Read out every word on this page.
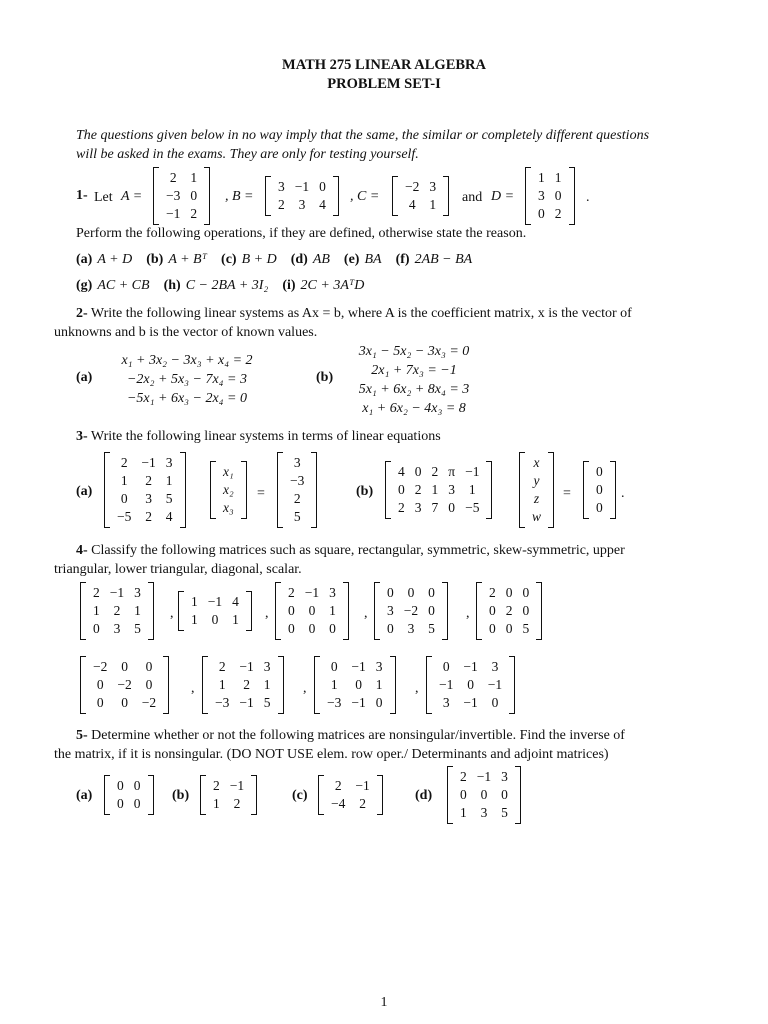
MATH 275 LINEAR ALGEBRA
PROBLEM SET-I
The questions given below in no way imply that the same, the similar or completely different questions
will be asked in the exams. They are only for testing yourself.
1- Let A =
2	1
−3	0
−1	2
, B =
3	−1	0
2	3	4
, C =
−2	3
4	1 and D =
1	1
3	0
0	2
.
Perform the following operations, if they are defined, otherwise state the reason.
(a) A + D (b) A + Bᵀ (c) B + D (d) AB (e) BA (f) 2AB − BA
(g) AC + CB (h) C − 2BA + 3I₂ (i) 2C + 3AᵀD
2- Write the following linear systems as Ax = b, where A is the coefficient matrix, x is the vector of
unknowns and b is the vector of known values.
(a)
x₁ + 3x₂ − 3x₃ + x₄ = 2
−2x₂ + 5x₃ − 7x₄ = 3
−5x₁ + 6x₃ − 2x₄ = 0
(b)
3x₁ − 5x₂ − 3x₃ = 0
2x₁ + 7x₃ = −1
5x₁ + 6x₂ + 8x₄ = 3
x₁ + 6x₂ − 4x₃ = 8
3- Write the following linear systems in terms of linear equations
(a)
2	−1	3
1	2	1
0	3	5
−5	2	4
x₁
x₂
x₃
=
3
−3
2
5
(b)
4	0	2	π	−1
0	2	1	3	1
2	3	7	0	−5
x
y
z
w
=
0
0
0
.
4- Classify the following matrices such as square, rectangular, symmetric, skew-symmetric, upper
triangular, lower triangular, diagonal, scalar.
2	−1	3
1	2	1
0	3	5
,
1	−1	4
1	0	1 ,
2	−1	3
0	0	1
0	0	0
,
0	0	0
3	−2	0
0	3	5
,
2	0	0
0	2	0
0	0	5
−2	0	0
0	−2	0
0	0	−2
,
2	−1	3
1	2	1
−3	−1	5
,
0	−1	3
1	0	1
−3	−1	0
,
0	−1	3
−1	0	−1
3	−1	0
5- Determine whether or not the following matrices are nonsingular/invertible. Find the inverse of
the matrix, if it is nonsingular. (DO NOT USE elem. row oper./ Determinants and adjoint matrices)
(a)
0	0
0	0
(b)
2	−1
1	2
(c)
2	−1
−4	2
(d)
2	−1	3
0	0	0
1	3	5
1
